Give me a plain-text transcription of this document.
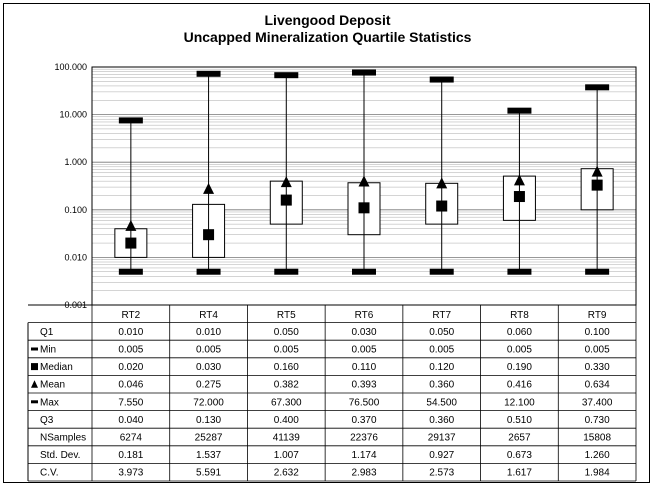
Livengood Deposit
Uncapped Mineralization Quartile Statistics
100.000
10.000
1.000
0.100
0.010
0.001
RT2	RT4	RT5	RT6	RT7	RT8	RT9
Q1	0.010	0.010	0.050	0.030	0.050	0.060	0.100
Min	0.005	0.005	0.005	0.005	0.005	0.005	0.005
Median	0.020	0.030	0.160	0.110	0.120	0.190	0.330
Mean	0.046	0.275	0.382	0.393	0.360	0.416	0.634
Max	7.550	72.000	67.300	76.500	54.500	12.100	37.400
Q3	0.040	0.130	0.400	0.370	0.360	0.510	0.730
NSamples	6274	25287	41139	22376	29137	2657	15808
Std. Dev.	0.181	1.537	1.007	1.174	0.927	0.673	1.260
C.V.	3.973	5.591	2.632	2.983	2.573	1.617	1.984
